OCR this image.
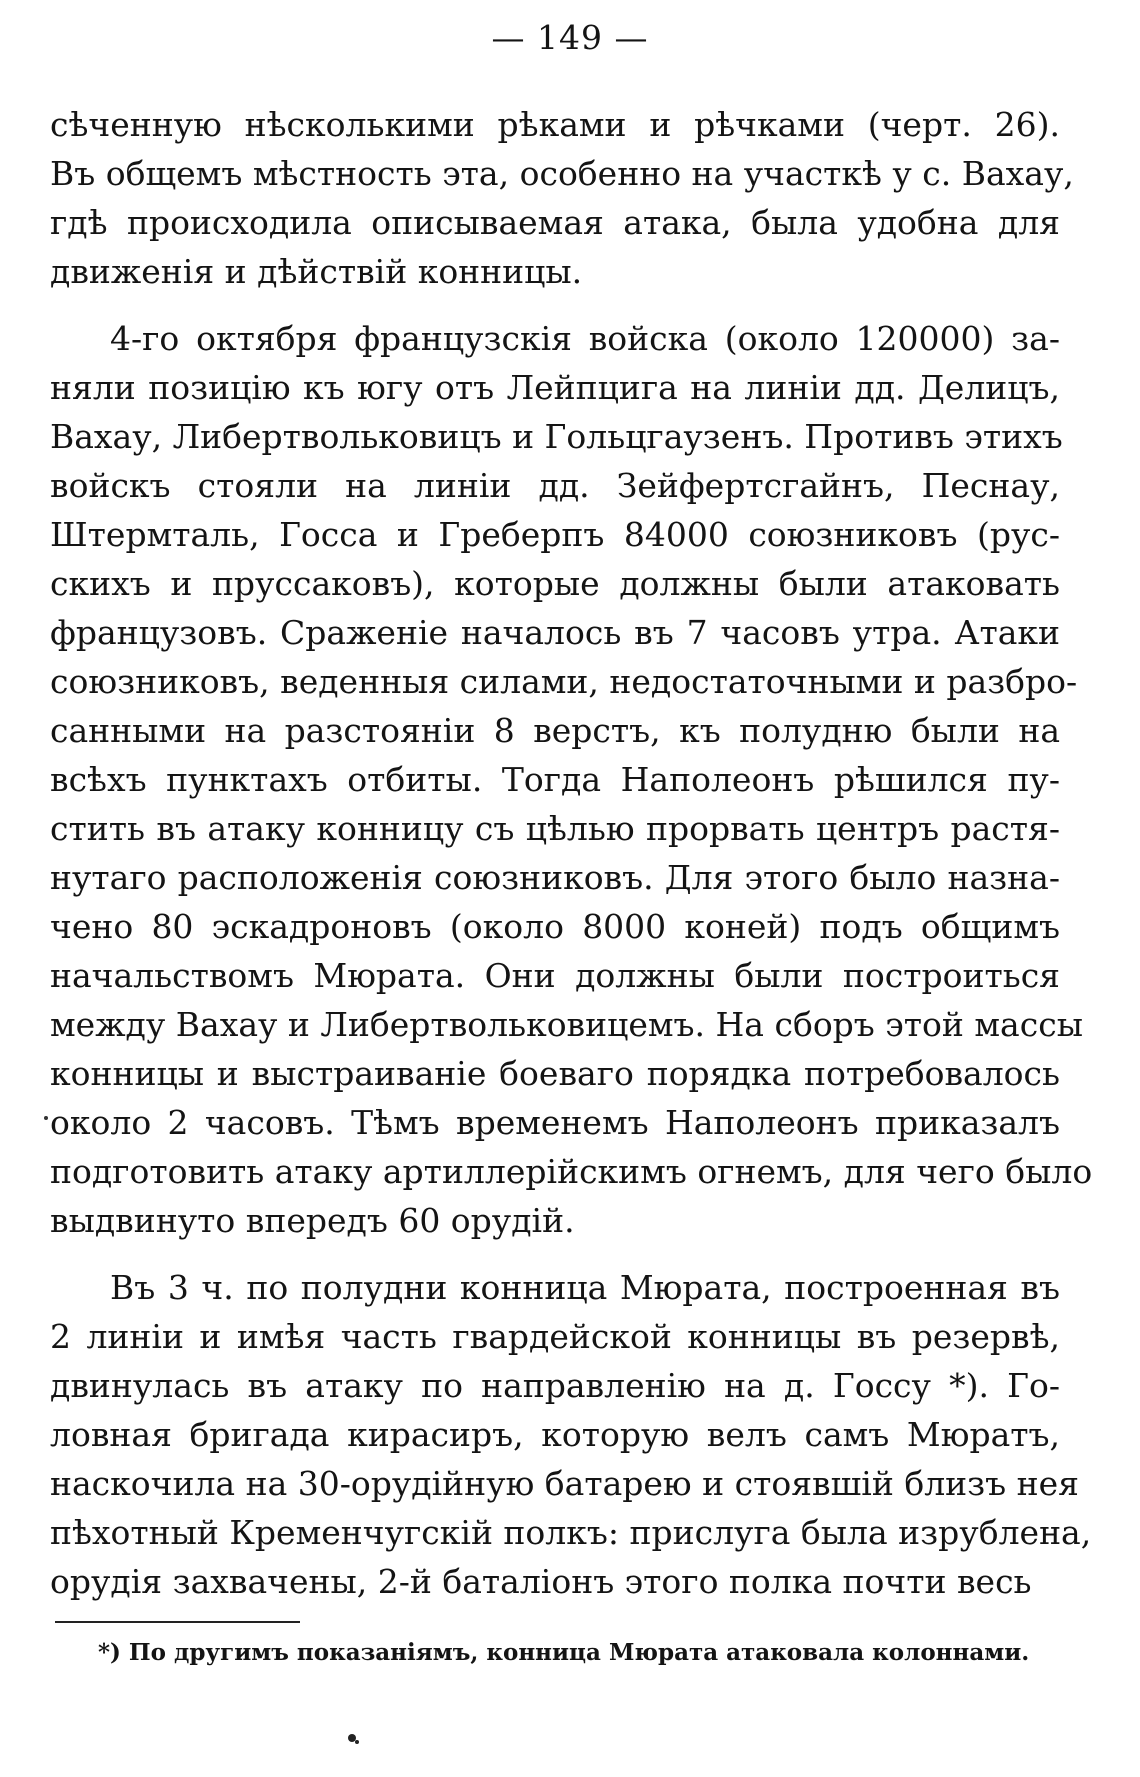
— 149 —
сѣченную нѣсколькими рѣками и рѣчками (черт. 26).
Въ общемъ мѣстность эта, особенно на участкѣ у с. Вахау,
гдѣ происходила описываемая атака, была удобна для
движенія и дѣйствій конницы.
4-го октября французскія войска (около 120000) за-
няли позицію къ югу отъ Лейпцига на линіи дд. Делицъ,
Вахау, Либертвольковицъ и Гольцгаузенъ. Противъ этихъ
войскъ стояли на линіи дд. Зейфертсгайнъ, Песнау,
Штермталь, Госса и Греберпъ 84000 союзниковъ (рус-
скихъ и пруссаковъ), которые должны были атаковать
французовъ. Сраженіе началось въ 7 часовъ утра. Атаки
союзниковъ, веденныя силами, недостаточными и разбро-
санными на разстояніи 8 верстъ, къ полудню были на
всѣхъ пунктахъ отбиты. Тогда Наполеонъ рѣшился пу-
стить въ атаку конницу съ цѣлью прорвать центръ растя-
нутаго расположенія союзниковъ. Для этого было назна-
чено 80 эскадроновъ (около 8000 коней) подъ общимъ
начальствомъ Мюрата. Они должны были построиться
между Вахау и Либертвольковицемъ. На сборъ этой массы
конницы и выстраиваніе боеваго порядка потребовалось
около 2 часовъ. Тѣмъ временемъ Наполеонъ приказалъ
подготовить атаку артиллерійскимъ огнемъ, для чего было
выдвинуто впередъ 60 орудій.
Въ 3 ч. по полудни конница Мюрата, построенная въ
2 линіи и имѣя часть гвардейской конницы въ резервѣ,
двинулась въ атаку по направленію на д. Госсу *). Го-
ловная бригада кирасиръ, которую велъ самъ Мюратъ,
наскочила на 30-орудійную батарею и стоявшій близъ нея
пѣхотный Кременчугскій полкъ: прислуга была изрублена,
орудія захвачены, 2-й баталіонъ этого полка почти весь
*) По другимъ показаніямъ, конница Мюрата атаковала колоннами.
